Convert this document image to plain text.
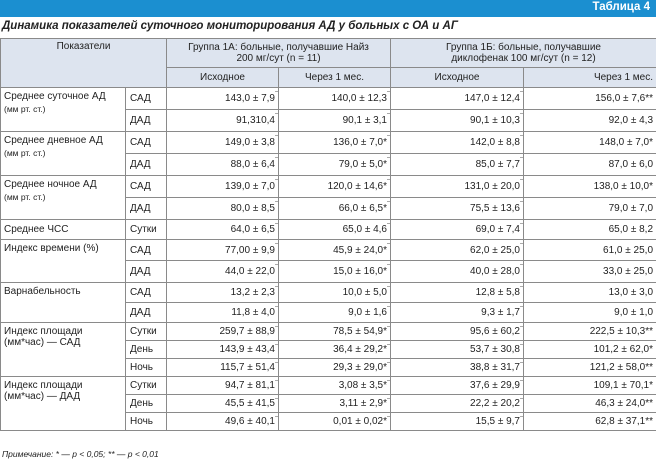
Таблица 4
Динамика показателей суточного мониторирования АД у больных с ОА и АГ
Показатели		Группа 1А: больные, получавшие Найз
200 мг/сут (n = 11)		Группа 1Б: больные, получавшие
диклофенак 100 мг/сут (n = 12)	
		Исходное	Через 1 мес.	Исходное	Через 1 мес.

Среднее суточное АД
(мм рт. ст.)	САД	143,0 ± 7,9	140,0 ± 12,3	147,0 ± 12,4	156,0 ± 7,6**
	ДАД	91,310,4	90,1 ± 3,1	90,1 ± 10,3	92,0 ± 4,3

Среднее дневное АД
(мм рт. ст.)	САД	149,0 ± 3,8	136,0 ± 7,0*	142,0 ± 8,8	148,0 ± 7,0*
	ДАД	88,0 ± 6,4	79,0 ± 5,0*	85,0 ± 7,7	87,0 ± 6,0

Среднее ночное АД
(мм рт. ст.)	САД	139,0 ± 7,0	120,0 ± 14,6*	131,0 ± 20,0	138,0 ± 10,0*
	ДАД	80,0 ± 8,5	66,0 ± 6,5*	75,5 ± 13,6	79,0 ± 7,0
Среднее ЧСС	Сутки	64,0 ± 6,5	65,0 ± 4,6	69,0 ± 7,4	65,0 ± 8,2

Индекс времени (%)	САД	77,00 ± 9,9	45,9 ± 24,0*	62,0 ± 25,0	61,0 ± 25,0
	ДАД	44,0 ± 22,0	15,0 ± 16,0*	40,0 ± 28,0	33,0 ± 25,0

Варнабельность	САД	13,2 ± 2,3	10,0 ± 5,0	12,8 ± 5,8	13,0 ± 3,0
	ДАД	11,8 ± 4,0	9,0 ± 1,6	9,3 ± 1,7	9,0 ± 1,0

Индекс площади
(мм*час) — САД	Сутки	259,7 ± 88,9	78,5 ± 54,9*	95,6 ± 60,2	222,5 ± 10,3**
	День	143,9 ± 43,4	36,4 ± 29,2*	53,7 ± 30,8	101,2 ± 62,0*
	Ночь	115,7 ± 51,4	29,3 ± 29,0*	38,8 ± 31,7	121,2 ± 58,0**

Индекс площади
(мм*час) — ДАД	Сутки	94,7 ± 81,1	3,08 ± 3,5*	37,6 ± 29,9	109,1 ± 70,1*
	День	45,5 ± 41,5	3,11 ± 2,9*	22,2 ± 20,2	46,3 ± 24,0**
	Ночь	49,6 ± 40,1	0,01 ± 0,02*	15,5 ± 9,7	62,8 ± 37,1**
Примечание: * — р < 0,05; ** — р < 0,01
